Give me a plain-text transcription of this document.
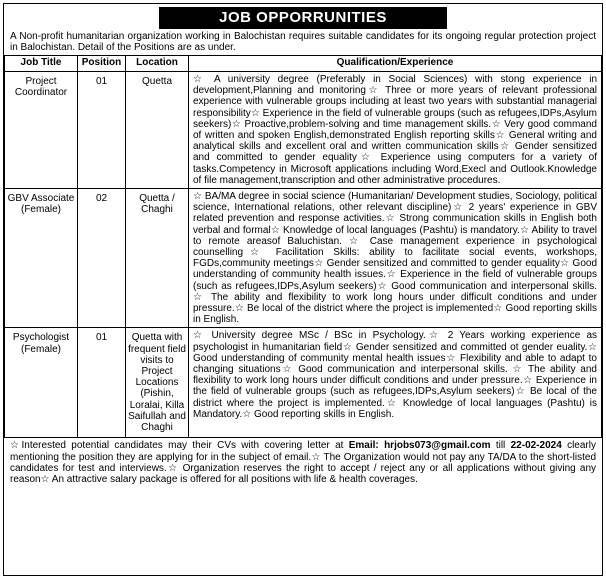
JOB OPPORRUNITIES
A Non-profit humanitarian organization working in Balochistan requires suitable candidates for its ongoing regular protection project in Balochistan. Detail of the Positions are as under.
Job Title	Position	Location	Qualification/Experience
Project Coordinator	01	Quetta	☆ A university degree (Preferably in Social Sciences) with stong experience in development,Planning and monitoring☆ Three or more years of relevant professional experience with vulnerable groups including at least two years with substantial managerial responsibility☆ Experience in the field of vulnerable groups (such as refugees,IDPs,Asylum seekers)☆ Proactive,problem-solving and time management skills.☆ Very good command of written and spoken English,demonstrated English reporting skills☆ General writing and analytical skills and excellent oral and written communication skills☆ Gender sensitized and committed to gender equality☆ Experience using computers for a variety of tasks.Competency in Microsoft applications including Word,Execl and Outlook.Knowledge of file management,transcription and other administrative procedures.
GBV Associate (Female)	02	Quetta / Chaghi	☆ BA/MA degree in social science (Humanitarian/ Development studies, Sociology, political science, International relations, other relevant discipline)☆ 2 years' experience in GBV related prevention and response activities.☆ Strong communication skills in English both verbal and formal☆ Knowledge of local languages (Pashtu) is mandatory.☆ Ability to travel to remote areasof Baluchistan. ☆ Case management experience in psychological counselling☆ Facilitation Skills: ability to facilitate social events, workshops, FGDs,community meetings☆ Gender sensitized and committed to gender equality☆ Good understanding of community health issues.☆ Experience in the field of vulnerable groups (such as refugees,IDPs,Asylum seekers)☆ Good communication and interpersonal skills. ☆ The ability and flexibility to work long hours under difficult conditions and under pressure.☆ Be local of the district where the project is implemented☆ Good reporting skills in English.
Psychologist (Female)	01	Quetta with frequent field visits to Project Locations (Pishin, Loralai, Killa Saifullah and Chaghi	☆ University degree MSc / BSc in Psychology.☆ 2 Years working experience as psychologist in humanitarian field☆ Gender sensitized and committed ot gender euality.☆ Good understanding of community mental health issues☆ Flexibility and able to adapt to changing situations☆ Good communication and interpersonal skills. ☆ The ability and flexibility to work long hours under difficult conditions and under pressure.☆ Experience in the field of vulnerable groups (such as refugees,IDPs,Asylum seekers)☆ Be local of the district where the project is implemented.☆ Knowledge of local languages (Pashtu) is Mandatory.☆ Good reporting skills in English.
☆Interested potential candidates may their CVs with covering letter at Email: hrjobs073@gmail.com till 22-02-2024 clearly mentioning the position they are applying for in the subject of email.☆ The Organization would not pay any TA/DA to the short-listed candidates for test and interviews.☆ Organization reserves the right to accept / reject any or all applications without giving any reason☆ An attractive salary package is offered for all positions with life & health coverages.
